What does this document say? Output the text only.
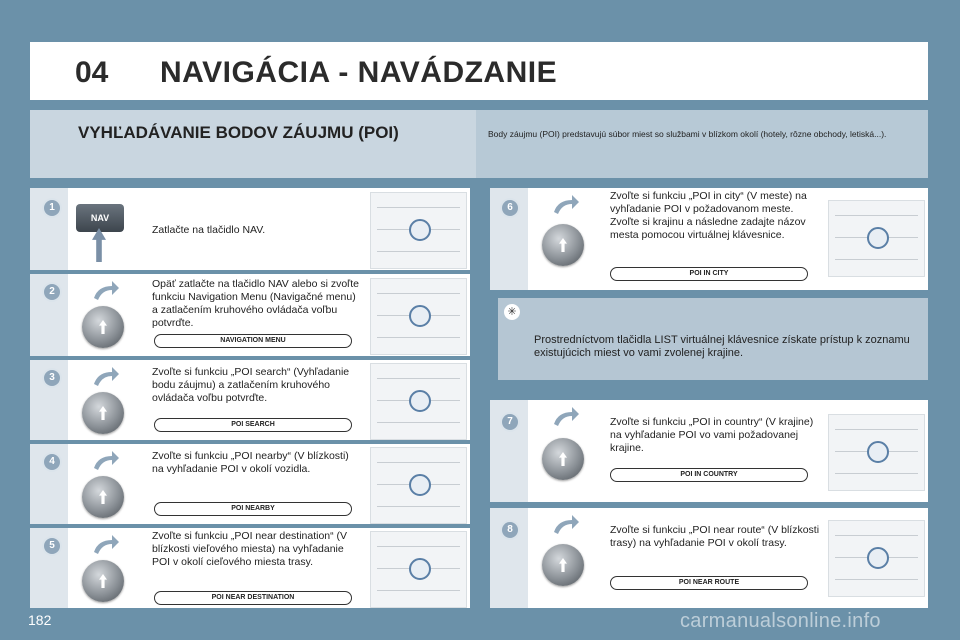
04 NAVIGÁCIA - NAVÁDZANIE
VYHĽADÁVANIE BODOV ZÁUJMU (POI)	Body záujmu (POI) predstavujú súbor miest so službami v blízkom okolí (hotely, rôzne obchody, letiská...).
1
NAV
Zatlačte na tlačidlo NAV.
2
Opäť zatlačte na tlačidlo NAV alebo si zvoľte funkciu Navigation Menu (Navigačné menu) a zatlačením kruhového ovládača voľbu potvrďte.
NAVIGATION MENU
3	Zvoľte si funkciu „POI search“ (Vyhľadanie bodu záujmu) a zatlačením kruhového ovládača voľbu potvrďte.
POI SEARCH
4	Zvoľte si funkciu „POI nearby“ (V blízkosti) na vyhľadanie POI v okolí vozidla.
POI NEARBY
5
Zvoľte si funkciu „POI near destination“ (V blízkosti vieľového miesta) na vyhľadanie POI v okolí cieľového miesta trasy.
POI NEAR DESTINATION
6
Zvoľte si funkciu „POI in city“ (V meste) na vyhľadanie POI v požadovanom meste. Zvoľte si krajinu a následne zadajte názov mesta pomocou virtuálnej klávesnice.
POI IN CITY
✳
Prostredníctvom tlačidla LIST virtuálnej klávesnice získate prístup k zoznamu existujúcich miest vo vami zvolenej krajine.
7	Zvoľte si funkciu „POI in country“ (V krajine) na vyhľadanie POI vo vami požadovanej krajine.
POI IN COUNTRY
8	Zvoľte si funkciu „POI near route“ (V blízkosti trasy) na vyhľadanie POI v okolí trasy.
POI NEAR ROUTE
182	carmanualsonline.info
